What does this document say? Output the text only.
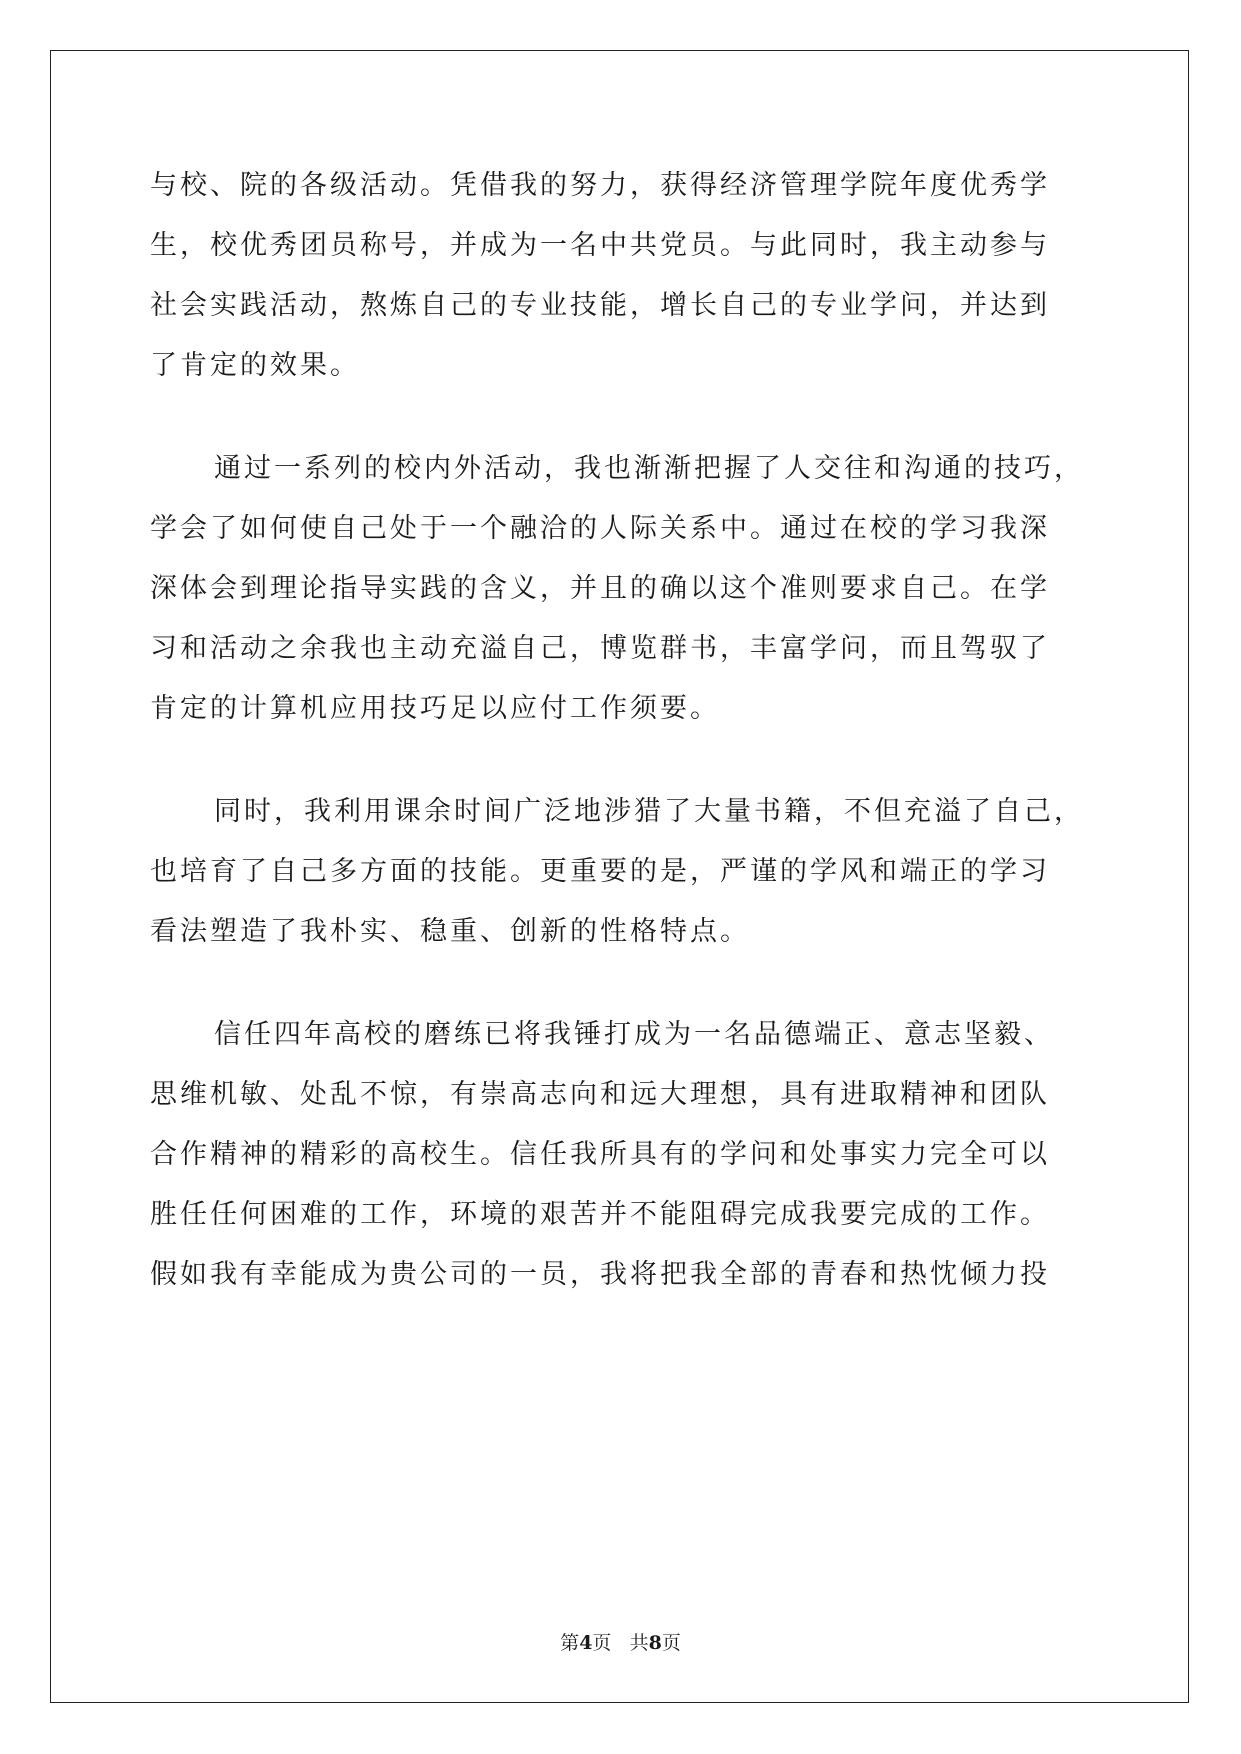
与校、院的各级活动。凭借我的努力，获得经济管理学院年度优秀学
生，校优秀团员称号，并成为一名中共党员。与此同时，我主动参与
社会实践活动，熬炼自己的专业技能，增长自己的专业学问，并达到
了肯定的效果。
通过一系列的校内外活动，我也渐渐把握了人交往和沟通的技巧，
学会了如何使自己处于一个融洽的人际关系中。通过在校的学习我深
深体会到理论指导实践的含义，并且的确以这个准则要求自己。在学
习和活动之余我也主动充溢自己，博览群书，丰富学问，而且驾驭了
肯定的计算机应用技巧足以应付工作须要。
同时，我利用课余时间广泛地涉猎了大量书籍，不但充溢了自己，
也培育了自己多方面的技能。更重要的是，严谨的学风和端正的学习
看法塑造了我朴实、稳重、创新的性格特点。
信任四年高校的磨练已将我锤打成为一名品德端正、意志坚毅、
思维机敏、处乱不惊，有崇高志向和远大理想，具有进取精神和团队
合作精神的精彩的高校生。信任我所具有的学问和处事实力完全可以
胜任任何困难的工作，环境的艰苦并不能阻碍完成我要完成的工作。
假如我有幸能成为贵公司的一员，我将把我全部的青春和热忱倾力投
第4页 共8页
